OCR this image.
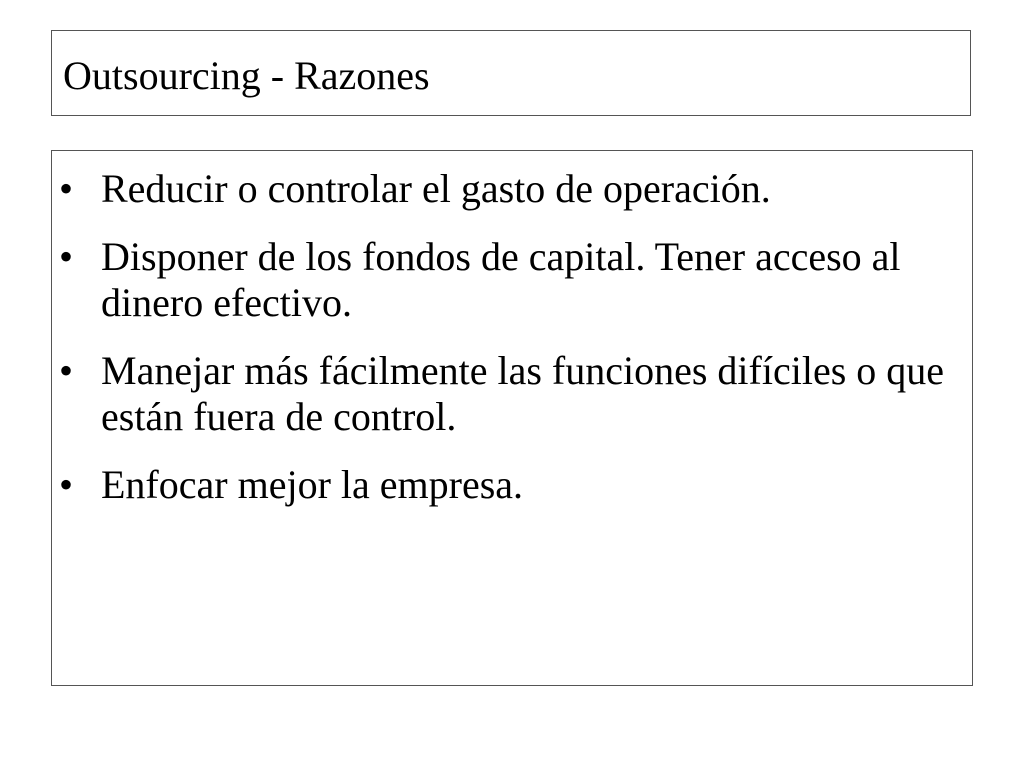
Outsourcing - Razones
• Reducir o controlar el gasto de operación.
• Disponer de los fondos de capital. Tener acceso al dinero efectivo.
• Manejar más fácilmente las funciones difíciles o que están fuera de control.
• Enfocar mejor la empresa.
